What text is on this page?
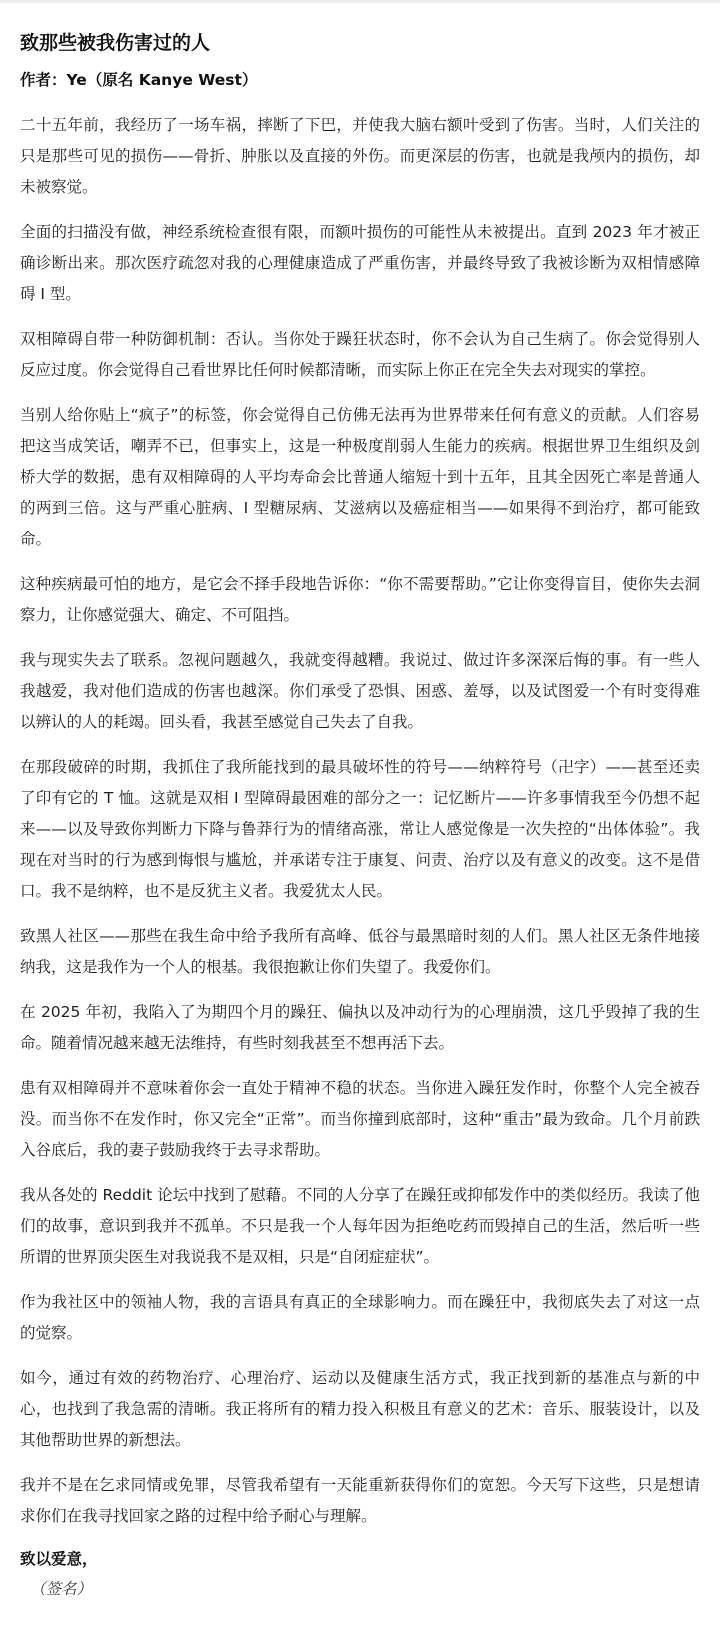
致那些被我伤害过的人

作者：Ye（原名 Kanye West）

二十五年前，我经历了一场车祸，摔断了下巴，并使我大脑右额叶受到了伤害。当时，人们关注的只是那些可见的损伤——骨折、肿胀以及直接的外伤。而更深层的伤害，也就是我颅内的损伤，却未被察觉。

全面的扫描没有做，神经系统检查很有限，而额叶损伤的可能性从未被提出。直到 2023 年才被正确诊断出来。那次医疗疏忽对我的心理健康造成了严重伤害，并最终导致了我被诊断为双相情感障碍 I 型。

双相障碍自带一种防御机制：否认。当你处于躁狂状态时，你不会认为自己生病了。你会觉得别人反应过度。你会觉得自己看世界比任何时候都清晰，而实际上你正在完全失去对现实的掌控。

当别人给你贴上“疯子”的标签，你会觉得自己仿佛无法再为世界带来任何有意义的贡献。人们容易把这当成笑话，嘲弄不已，但事实上，这是一种极度削弱人生能力的疾病。根据世界卫生组织及剑桥大学的数据，患有双相障碍的人平均寿命会比普通人缩短十到十五年，且其全因死亡率是普通人的两到三倍。这与严重心脏病、I 型糖尿病、艾滋病以及癌症相当——如果得不到治疗，都可能致命。

这种疾病最可怕的地方，是它会不择手段地告诉你：“你不需要帮助。”它让你变得盲目，使你失去洞察力，让你感觉强大、确定、不可阻挡。

我与现实失去了联系。忽视问题越久，我就变得越糟。我说过、做过许多深深后悔的事。有一些人我越爱，我对他们造成的伤害也越深。你们承受了恐惧、困惑、羞辱，以及试图爱一个有时变得难以辨认的人的耗竭。回头看，我甚至感觉自己失去了自我。

在那段破碎的时期，我抓住了我所能找到的最具破坏性的符号——纳粹符号（卍字）——甚至还卖了印有它的 T 恤。这就是双相 I 型障碍最困难的部分之一：记忆断片——许多事情我至今仍想不起来——以及导致你判断力下降与鲁莽行为的情绪高涨，常让人感觉像是一次失控的“出体体验”。我现在对当时的行为感到悔恨与尴尬，并承诺专注于康复、问责、治疗以及有意义的改变。这不是借口。我不是纳粹，也不是反犹主义者。我爱犹太人民。

致黑人社区——那些在我生命中给予我所有高峰、低谷与最黑暗时刻的人们。黑人社区无条件地接纳我，这是我作为一个人的根基。我很抱歉让你们失望了。我爱你们。

在 2025 年初，我陷入了为期四个月的躁狂、偏执以及冲动行为的心理崩溃，这几乎毁掉了我的生命。随着情况越来越无法维持，有些时刻我甚至不想再活下去。

患有双相障碍并不意味着你会一直处于精神不稳的状态。当你进入躁狂发作时，你整个人完全被吞没。而当你不在发作时，你又完全“正常”。而当你撞到底部时，这种“重击”最为致命。几个月前跌入谷底后，我的妻子鼓励我终于去寻求帮助。

我从各处的 Reddit 论坛中找到了慰藉。不同的人分享了在躁狂或抑郁发作中的类似经历。我读了他们的故事，意识到我并不孤单。不只是我一个人每年因为拒绝吃药而毁掉自己的生活，然后听一些所谓的世界顶尖医生对我说我不是双相，只是“自闭症症状”。

作为我社区中的领袖人物，我的言语具有真正的全球影响力。而在躁狂中，我彻底失去了对这一点的觉察。

如今，通过有效的药物治疗、心理治疗、运动以及健康生活方式，我正找到新的基准点与新的中心，也找到了我急需的清晰。我正将所有的精力投入积极且有意义的艺术：音乐、服装设计，以及其他帮助世界的新想法。

我并不是在乞求同情或免罪，尽管我希望有一天能重新获得你们的宽恕。今天写下这些，只是想请求你们在我寻找回家之路的过程中给予耐心与理解。

致以爱意，

（签名）
